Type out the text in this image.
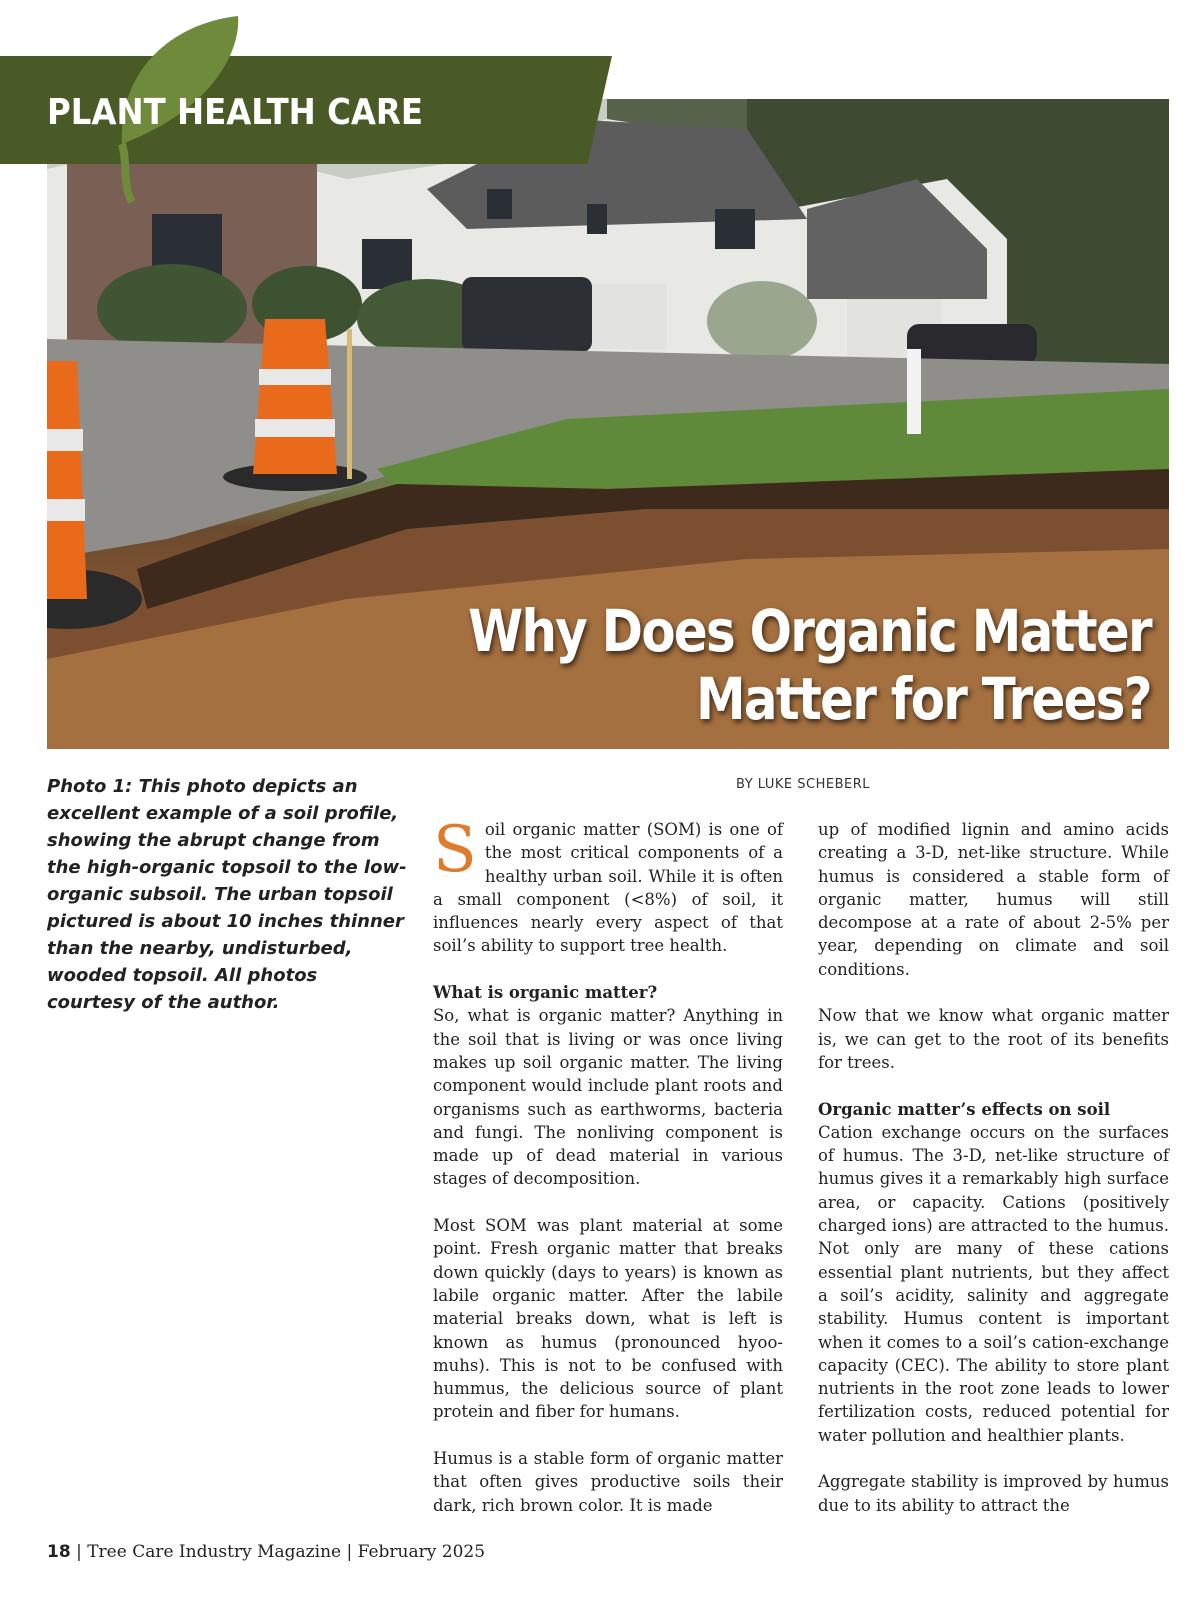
Why Does Organic Matter
Matter for Trees?
PLANT HEALTH CARE
Photo 1: This photo depicts an excellent example of a soil profile, showing the abrupt change from the high-organic topsoil to the low-organic subsoil. The urban topsoil pictured is about 10 inches thinner than the nearby, undisturbed, wooded topsoil. All photos courtesy of the author.
BY LUKE SCHEBERL

Soil organic matter (SOM) is one of the most critical components of a healthy urban soil. While it is often a small component (<8%) of soil, it influences nearly every aspect of that soil’s ability to support tree health.

What is organic matter?

So, what is organic matter? Anything in the soil that is living or was once living makes up soil organic matter. The living component would include plant roots and organisms such as earthworms, bacteria and fungi. The nonliving component is made up of dead material in various stages of decomposition.

Most SOM was plant material at some point. Fresh organic matter that breaks down quickly (days to years) is known as labile organic matter. After the labile material breaks down, what is left is known as humus (pronounced hyoo-muhs). This is not to be confused with hummus, the delicious source of plant protein and fiber for humans.

Humus is a stable form of organic matter that often gives productive soils their dark, rich brown color. It is made

up of modified lignin and amino acids creating a 3-D, net-like structure. While humus is considered a stable form of organic matter, humus will still decompose at a rate of about 2-5% per year, depending on climate and soil conditions.

Now that we know what organic matter is, we can get to the root of its benefits for trees.

Organic matter’s effects on soil

Cation exchange occurs on the surfaces of humus. The 3-D, net-like structure of humus gives it a remarkably high surface area, or capacity. Cations (positively charged ions) are attracted to the humus. Not only are many of these cations essential plant nutrients, but they affect a soil’s acidity, salinity and aggregate stability. Humus content is important when it comes to a soil’s cation-exchange capacity (CEC). The ability to store plant nutrients in the root zone leads to lower fertilization costs, reduced potential for water pollution and healthier plants.

Aggregate stability is improved by humus due to its ability to attract the

18 | Tree Care Industry Magazine | February 2025
